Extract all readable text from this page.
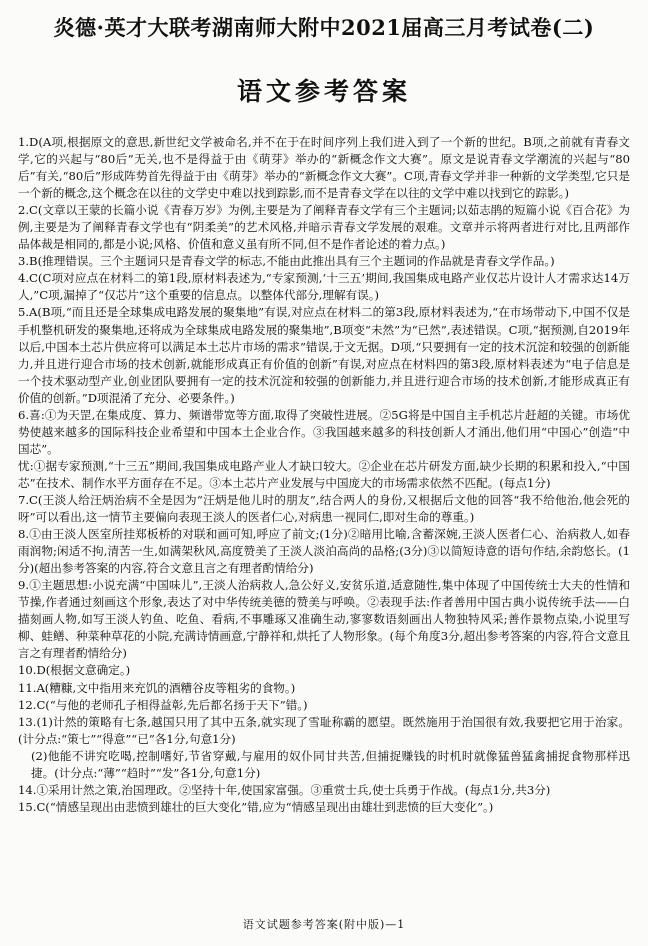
炎德·英才大联考湖南师大附中2021届高三月考试卷(二)
语文参考答案

1.D(A项,根据原文的意思,新世纪文学被命名,并不在于在时间序列上我们进入到了一个新的世纪。B项,之前就有青春文学,它的兴起与“80后”无关,也不是得益于由《萌芽》举办的“新概念作文大赛”。原文是说青春文学潮流的兴起与“80后”有关,“80后”形成阵势首先得益于由《萌芽》举办的“新概念作文大赛”。C项,青春文学并非一种新的文学类型,它只是一个新的概念,这个概念在以往的文学史中难以找到踪影,而不是青春文学在以往的文学中难以找到它的踪影。)

2.C(文章以王蒙的长篇小说《青春万岁》为例,主要是为了阐释青春文学有三个主题词;以茹志鹃的短篇小说《百合花》为例,主要是为了阐释青春文学也有“阴柔美”的艺术风格,并暗示青春文学发展的艰难。文章并示将两者进行对比,且两部作品体裁是相同的,都是小说;风格、价值和意义虽有所不同,但不是作者论述的着力点。)

3.B(推理错误。三个主题词只是青春文学的标志,不能由此推出具有三个主题词的作品就是青春文学作品。)

4.C(C项对应点在材料二的第1段,原材料表述为,“专家预测,‘十三五’期间,我国集成电路产业仅芯片设计人才需求达14万人,”C项,漏掉了“仅芯片”这个重要的信息点。以整体代部分,理解有误。)

5.A(B项,“而且还是全球集成电路发展的聚集地”有误,对应点在材料二的第3段,原材料表述为,“在市场带动下,中国不仅是手机整机研发的聚集地,还将成为全球集成电路发展的聚集地”,B项变“未然”为“已然”,表述错误。C项,“据预测,自2019年以后,中国本土芯片供应将可以满足本土芯片市场的需求”错误,于文无据。D项,“只要拥有一定的技术沉淀和较强的创新能力,并且进行迎合市场的技术创新,就能形成真正有价值的创新”有误,对应点在材料四的第3段,原材料表述为“电子信息是一个技术驱动型产业,创业团队要拥有一定的技术沉淀和较强的创新能力,并且进行迎合市场的技术创新,才能形成真正有价值的创新。”D项混淆了充分、必要条件。)

6.喜:①为天罡,在集成度、算力、频谱带宽等方面,取得了突破性进展。②5G将是中国自主手机芯片赶超的关键。市场优势使越来越多的国际科技企业希望和中国本土企业合作。③我国越来越多的科技创新人才涌出,他们用“中国心”创造“中国芯”。

忧:①据专家预测,“十三五”期间,我国集成电路产业人才缺口较大。②企业在芯片研发方面,缺少长期的积累和投入,“中国芯”在技术、制作水平方面存在不足。③本土芯片产业发展与中国庞大的市场需求依然不匹配。(每点1分)

7.C(王淡人给汪炳治病不全是因为“汪炳是他儿时的朋友”,结合两人的身份,又根据后文他的回答“我不给他治,他会死的呀”可以看出,这一情节主要偏向表现王淡人的医者仁心,对病患一视同仁,即对生命的尊重。)

8.①由王淡人医室所挂郑板桥的对联和画可知,呼应了前文;(1分)②暗用比喻,含蓄深婉,王淡人医者仁心、治病救人,如春雨润物;闲适不拘,清苦一生,如满架秋风,高度赞美了王淡人淡泊高尚的品格;(3分)③以简短诗意的语句作结,余韵悠长。(1分)(超出参考答案的内容,符合文意且言之有理者酌情给分)

9.①主题思想:小说充满“中国味儿”,王淡人治病救人,急公好义,安贫乐道,适意随性,集中体现了中国传统士大夫的性情和节操,作者通过刻画这个形象,表达了对中华传统美德的赞美与呼唤。②表现手法:作者善用中国古典小说传统手法——白描刻画人物,如写王淡人钓鱼、吃鱼、看病,不事雕琢又准确生动,寥寥数语刻画出人物独特风采;善作景物点染,小说里写柳、蛙鳝、种菜种草花的小院,充满诗情画意,宁静祥和,烘托了人物形象。(每个角度3分,超出参考答案的内容,符合文意且言之有理者酌情给分)

10.D(根据文意确定。)

11.A(糟糠,文中指用来充饥的酒糟谷皮等粗劣的食物。)

12.C(“与他的老师孔子相得益彰,先后都名扬于天下”错。)

13.(1)计然的策略有七条,越国只用了其中五条,就实现了雪耻称霸的愿望。既然施用于治国很有效,我要把它用于治家。(计分点:“策七”“得意”“已”各1分,句意1分)

(2)他能不讲究吃喝,控制嗜好,节省穿戴,与雇用的奴仆同甘共苦,但捕捉赚钱的时机时就像猛兽猛禽捕捉食物那样迅捷。(计分点:“薄”“趋时”“发”各1分,句意1分)

14.①采用计然之策,治国理政。②坚持十年,使国家富强。③重赏士兵,使士兵勇于作战。(每点1分,共3分)

15.C(“情感呈现出由悲愤到雄壮的巨大变化”错,应为“情感呈现出由雄壮到悲愤的巨大变化”。)

语文试题参考答案(附中版)—1
